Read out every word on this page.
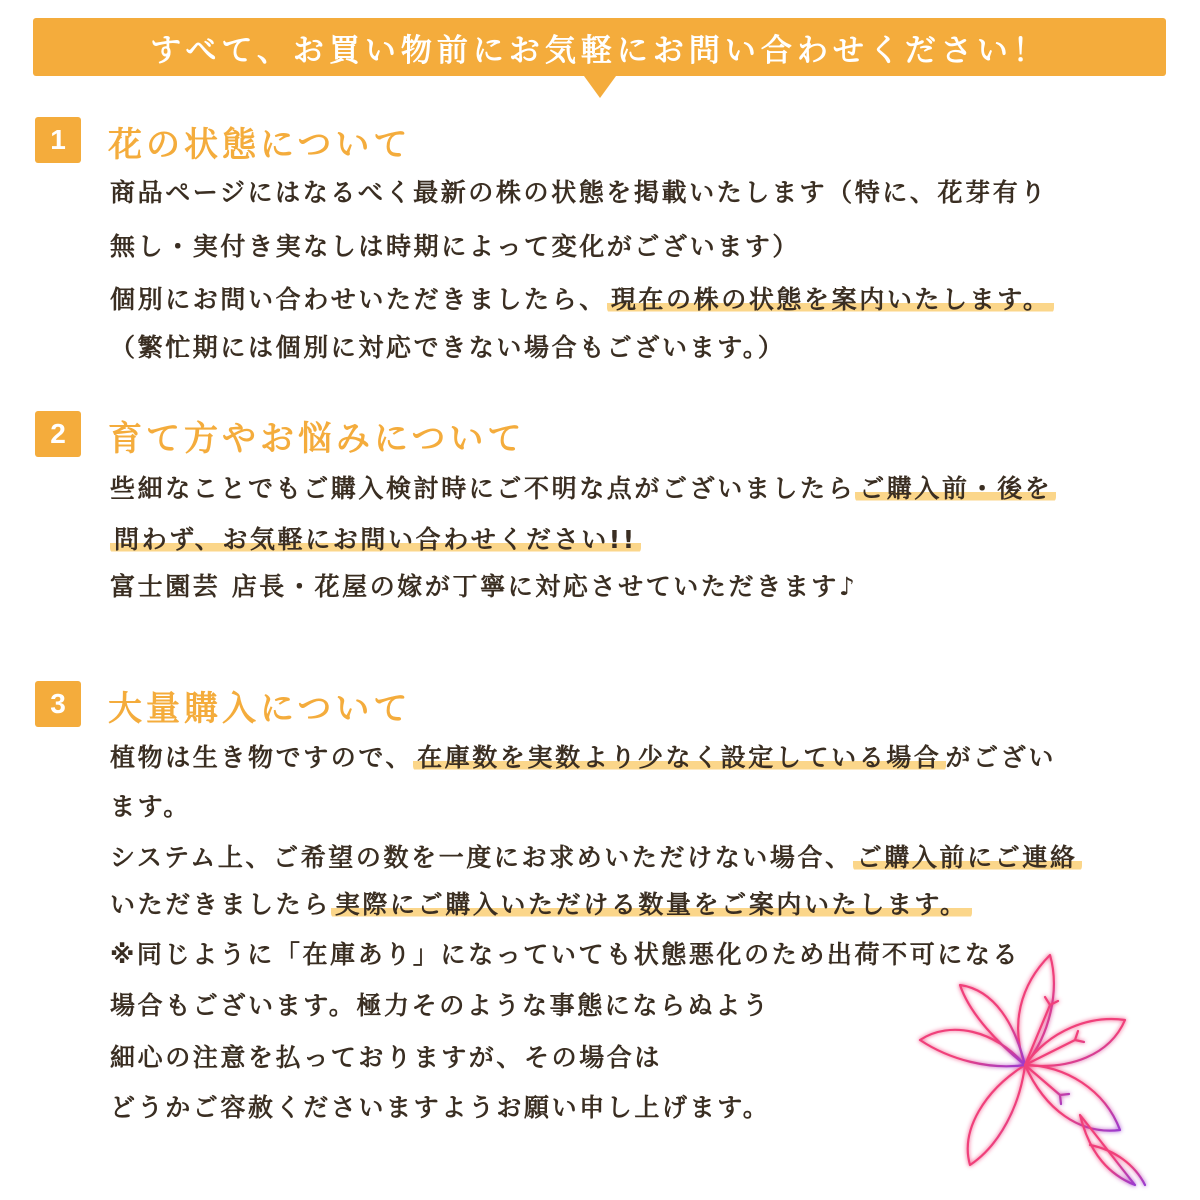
すべて、お買い物前にお気軽にお問い合わせください！
1	花の状態について
商品ページにはなるべく最新の株の状態を掲載いたします（特に、花芽有り
無し・実付き実なしは時期によって変化がございます）
個別にお問い合わせいただきましたら、 現在の株の状態を案内いたします。
（繁忙期には個別に対応できない場合もございます。）
2	育て方やお悩みについて
些細なことでもご購入検討時にご不明な点がございましたら ご購入前・後を
問わず、お気軽にお問い合わせください!!
富士園芸 店長・花屋の嫁が丁寧に対応させていただきます♪
3	大量購入について
植物は生き物ですので、 在庫数を実数より少なく設定している場合 がござい
ます。
システム上、ご希望の数を一度にお求めいただけない場合、 ご購入前にご連絡
いただきましたら 実際にご購入いただける数量をご案内いたします。
※同じように「在庫あり」になっていても状態悪化のため出荷不可になる
場合もございます。極力そのような事態にならぬよう
細心の注意を払っておりますが、その場合は
どうかご容赦くださいますようお願い申し上げます。
